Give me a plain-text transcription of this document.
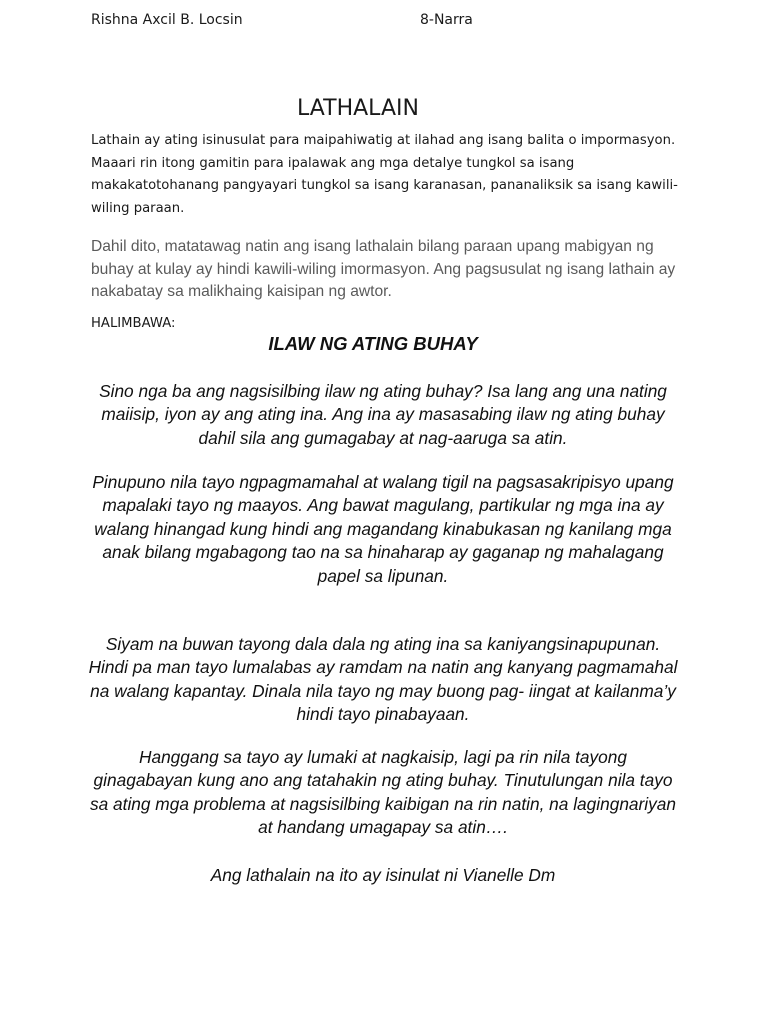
Rishna Axcil B. Locsin	8-Narra
LATHALAIN

Lathain ay ating isinusulat para maipahiwatig at ilahad ang isang balita o impormasyon. Maaari rin itong gamitin para ipalawak ang mga detalye tungkol sa isang makakatotohanang pangyayari tungkol sa isang karanasan, pananaliksik sa isang kawili-wiling paraan.

Dahil dito, matatawag natin ang isang lathalain bilang paraan upang mabigyan ng buhay at kulay ay hindi kawili-wiling imormasyon. Ang pagsusulat ng isang lathain ay nakabatay sa malikhaing kaisipan ng awtor.

HALIMBAWA:

ILAW NG ATING BUHAY

Sino nga ba ang nagsisilbing ilaw ng ating buhay? Isa lang ang una nating maiisip, iyon ay ang ating ina. Ang ina ay masasabing ilaw ng ating buhay dahil sila ang gumagabay at nag-aaruga sa atin.

Pinupuno nila tayo ngpagmamahal at walang tigil na pagsasakripisyo upang mapalaki tayo ng maayos. Ang bawat magulang, partikular ng mga ina ay walang hinangad kung hindi ang magandang kinabukasan ng kanilang mga anak bilang mgabagong tao na sa hinaharap ay gaganap ng mahalagang papel sa lipunan.

Siyam na buwan tayong dala dala ng ating ina sa kaniyangsinapupunan. Hindi pa man tayo lumalabas ay ramdam na natin ang kanyang pagmamahal na walang kapantay. Dinala nila tayo ng may buong pag- iingat at kailanma’y hindi tayo pinabayaan.

Hanggang sa tayo ay lumaki at nagkaisip, lagi pa rin nila tayong ginagabayan kung ano ang tatahakin ng ating buhay. Tinutulungan nila tayo sa ating mga problema at nagsisilbing kaibigan na rin natin, na lagingnariyan at handang umagapay sa atin….

Ang lathalain na ito ay isinulat ni Vianelle Dm
